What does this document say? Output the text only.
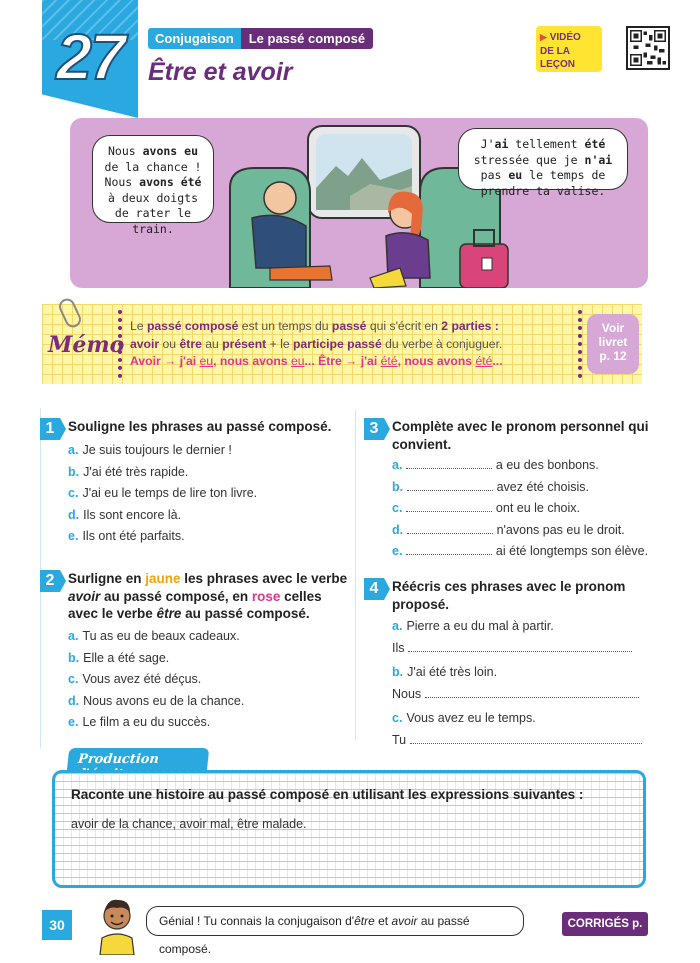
27	Conjugaison	Le passé composé
Être et avoir
▶ VIDÉO
DE LA LEÇON
Nous avons eu de la chance ! Nous avons été à deux doigts de rater le train.
J'ai tellement été stressée que je n'ai pas eu le temps de prendre ta valise.
Mémo
Le passé composé est un temps du passé qui s'écrit en 2 parties :
avoir ou être au présent + le participe passé du verbe à conjuguer.
Avoir → j'ai eu, nous avons eu... Être → j'ai été, nous avons été...
Voir
livret
p. 12
1	Souligne les phrases au passé composé.
a. Je suis toujours le dernier !
b. J'ai été très rapide.
c. J'ai eu le temps de lire ton livre.
d. Ils sont encore là.
e. Ils ont été parfaits.
2	Surligne en jaune les phrases avec le verbe
avoir au passé composé, en rose celles
avec le verbe être au passé composé.
a. Tu as eu de beaux cadeaux.
b. Elle a été sage.
c. Vous avez été déçus.
d. Nous avons eu de la chance.
e. Le film a eu du succès.
3	Complète avec le pronom personnel qui
convient.
a.	a eu des bonbons.
b.	avez été choisis.
c.	ont eu le choix.
d.	n'avons pas eu le droit.
e.	ai été longtemps son élève.
4	Réécris ces phrases avec le pronom
proposé.
a. Pierre a eu du mal à partir.
Ils
b. J'ai été très loin.
Nous
c. Vous avez eu le temps.
Tu
Production
Raconte une histoire au passé composé en utilisant les expressions suivantes :
avoir de la chance, avoir mal, être malade.
30	Génial ! Tu connais la conjugaison d'être et avoir au passé composé.
CORRIGÉS p. IV
